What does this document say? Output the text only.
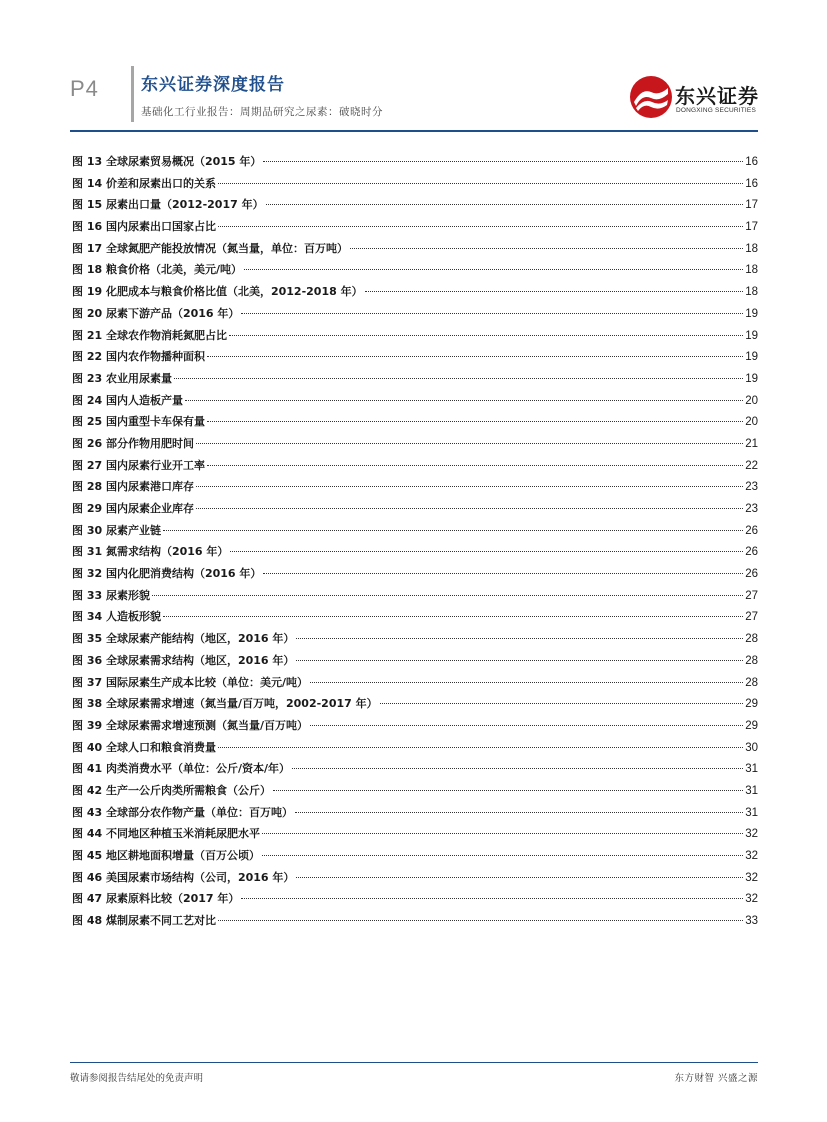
P4 东兴证券深度报告
基础化工行业报告：周期品研究之尿素：破晓时分
东兴证券
DONGXING SECURITIES
图 13 全球尿素贸易概况（2015 年）	16
图 14 价差和尿素出口的关系	16
图 15 尿素出口量（2012-2017 年）	17
图 16 国内尿素出口国家占比	17
图 17 全球氮肥产能投放情况（氮当量，单位：百万吨）	18
图 18 粮食价格（北美，美元/吨）	18
图 19 化肥成本与粮食价格比值（北美，2012-2018 年）	18
图 20 尿素下游产品（2016 年）	19
图 21 全球农作物消耗氮肥占比	19
图 22 国内农作物播种面积	19
图 23 农业用尿素量	19
图 24 国内人造板产量	20
图 25 国内重型卡车保有量	20
图 26 部分作物用肥时间	21
图 27 国内尿素行业开工率	22
图 28 国内尿素港口库存	23
图 29 国内尿素企业库存	23
图 30 尿素产业链	26
图 31 氮需求结构（2016 年）	26
图 32 国内化肥消费结构（2016 年）	26
图 33 尿素形貌	27
图 34 人造板形貌	27
图 35 全球尿素产能结构（地区，2016 年）	28
图 36 全球尿素需求结构（地区，2016 年）	28
图 37 国际尿素生产成本比较（单位：美元/吨）	28
图 38 全球尿素需求增速（氮当量/百万吨，2002-2017 年）	29
图 39 全球尿素需求增速预测（氮当量/百万吨）	29
图 40 全球人口和粮食消费量	30
图 41 肉类消费水平（单位：公斤/资本/年）	31
图 42 生产一公斤肉类所需粮食（公斤）	31
图 43 全球部分农作物产量（单位：百万吨）	31
图 44 不同地区种植玉米消耗尿肥水平	32
图 45 地区耕地面积增量（百万公顷）	32
图 46 美国尿素市场结构（公司，2016 年）	32
图 47 尿素原料比较（2017 年）	32
图 48 煤制尿素不同工艺对比	33
敬请参阅报告结尾处的免责声明	东方财智 兴盛之源
